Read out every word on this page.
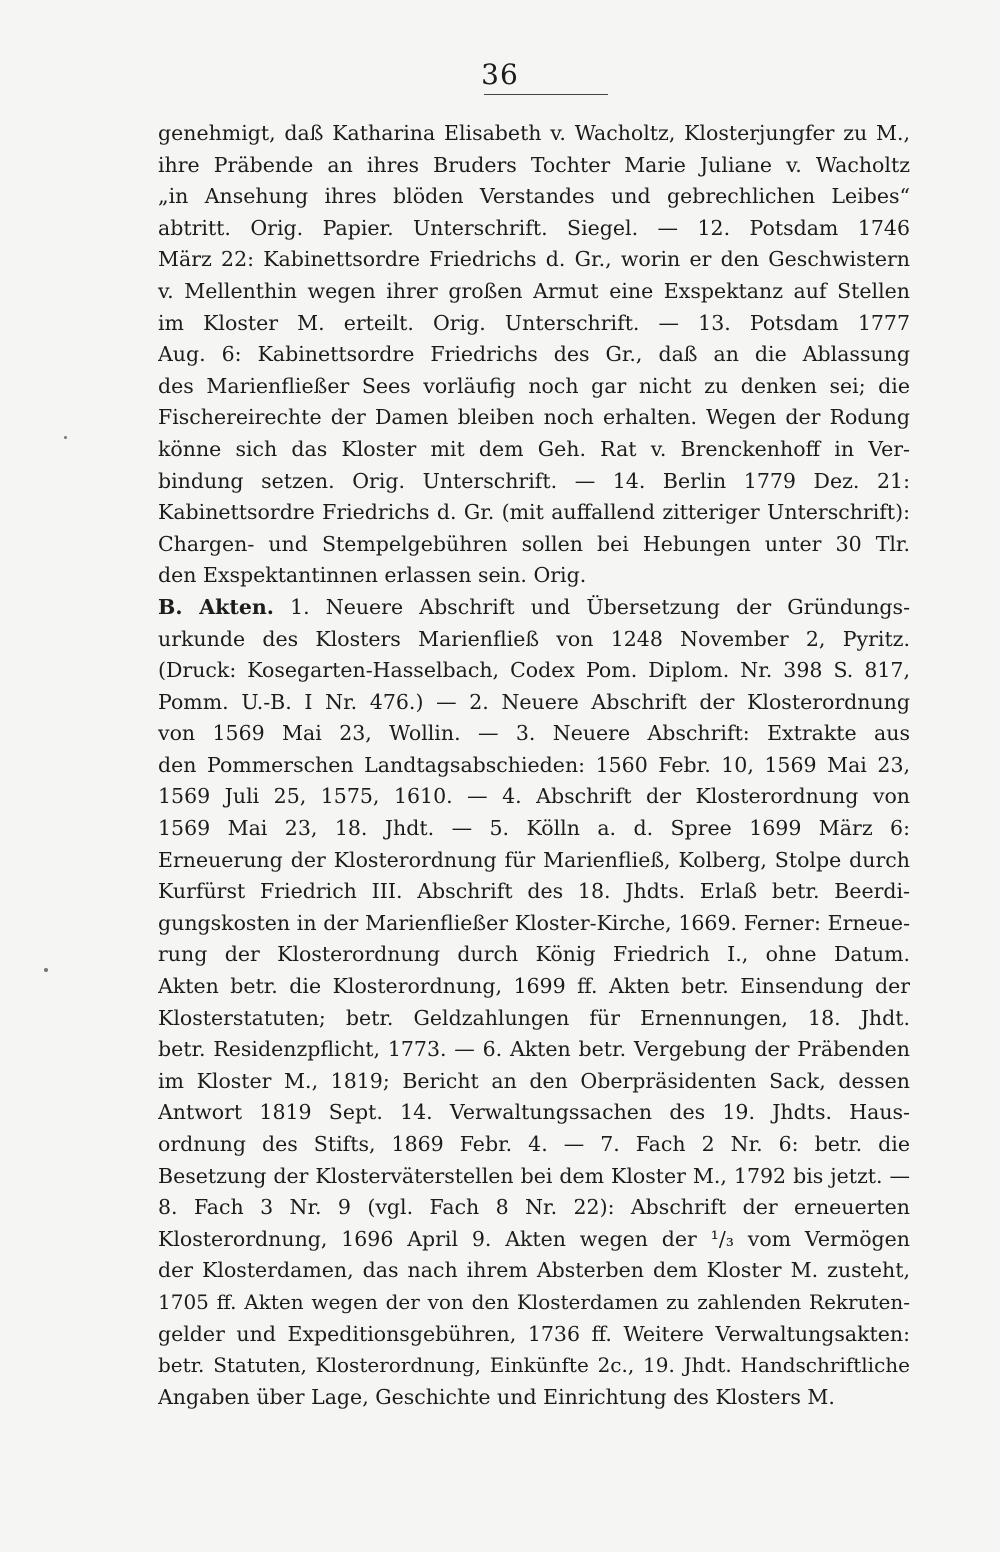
36
genehmigt, daß Katharina Elisabeth v. Wacholtz, Klosterjungfer zu M.,
ihre Präbende an ihres Bruders Tochter Marie Juliane v. Wacholtz
„in Ansehung ihres blöden Verstandes und gebrechlichen Leibes“
abtritt. Orig. Papier. Unterschrift. Siegel. — 12. Potsdam 1746
März 22: Kabinettsordre Friedrichs d. Gr., worin er den Geschwistern
v. Mellenthin wegen ihrer großen Armut eine Exspektanz auf Stellen
im Kloster M. erteilt. Orig. Unterschrift. — 13. Potsdam 1777
Aug. 6: Kabinettsordre Friedrichs des Gr., daß an die Ablassung
des Marienfließer Sees vorläufig noch gar nicht zu denken sei; die
Fischereirechte der Damen bleiben noch erhalten. Wegen der Rodung
könne sich das Kloster mit dem Geh. Rat v. Brenckenhoff in Ver-
bindung setzen. Orig. Unterschrift. — 14. Berlin 1779 Dez. 21:
Kabinettsordre Friedrichs d. Gr. (mit auffallend zitteriger Unterschrift):
Chargen- und Stempelgebühren sollen bei Hebungen unter 30 Tlr.
den Exspektantinnen erlassen sein. Orig.
B. Akten. 1. Neuere Abschrift und Übersetzung der Gründungs-
urkunde des Klosters Marienfließ von 1248 November 2, Pyritz.
(Druck: Kosegarten-Hasselbach, Codex Pom. Diplom. Nr. 398 S. 817,
Pomm. U.-B. I Nr. 476.) — 2. Neuere Abschrift der Klosterordnung
von 1569 Mai 23, Wollin. — 3. Neuere Abschrift: Extrakte aus
den Pommerschen Landtagsabschieden: 1560 Febr. 10, 1569 Mai 23,
1569 Juli 25, 1575, 1610. — 4. Abschrift der Klosterordnung von
1569 Mai 23, 18. Jhdt. — 5. Kölln a. d. Spree 1699 März 6:
Erneuerung der Klosterordnung für Marienfließ, Kolberg, Stolpe durch
Kurfürst Friedrich III. Abschrift des 18. Jhdts. Erlaß betr. Beerdi-
gungskosten in der Marienfließer Kloster-Kirche, 1669. Ferner: Erneue-
rung der Klosterordnung durch König Friedrich I., ohne Datum.
Akten betr. die Klosterordnung, 1699 ff. Akten betr. Einsendung der
Klosterstatuten; betr. Geldzahlungen für Ernennungen, 18. Jhdt.
betr. Residenzpflicht, 1773. — 6. Akten betr. Vergebung der Präbenden
im Kloster M., 1819; Bericht an den Oberpräsidenten Sack, dessen
Antwort 1819 Sept. 14. Verwaltungssachen des 19. Jhdts. Haus-
ordnung des Stifts, 1869 Febr. 4. — 7. Fach 2 Nr. 6: betr. die
Besetzung der Klosterväterstellen bei dem Kloster M., 1792 bis jetzt. —
8. Fach 3 Nr. 9 (vgl. Fach 8 Nr. 22): Abschrift der erneuerten
Klosterordnung, 1696 April 9. Akten wegen der ¹/₃ vom Vermögen
der Klosterdamen, das nach ihrem Absterben dem Kloster M. zusteht,
1705 ff. Akten wegen der von den Klosterdamen zu zahlenden Rekruten-
gelder und Expeditionsgebühren, 1736 ff. Weitere Verwaltungsakten:
betr. Statuten, Klosterordnung, Einkünfte 2c., 19. Jhdt. Handschriftliche
Angaben über Lage, Geschichte und Einrichtung des Klosters M.
